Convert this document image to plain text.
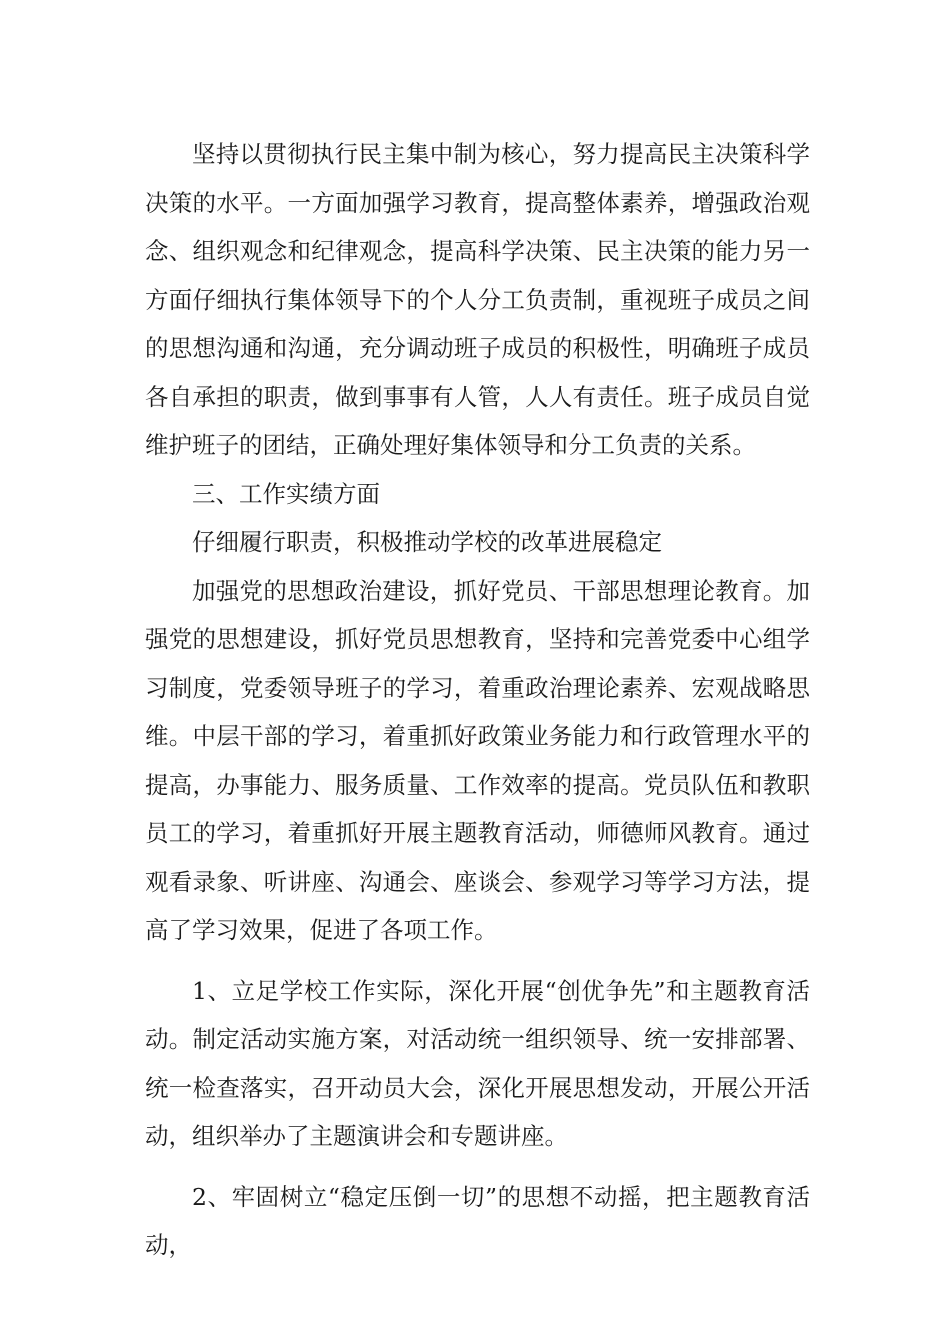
坚持以贯彻执行民主集中制为核心，努力提高民主决策科学决策的水平。一方面加强学习教育，提高整体素养，增强政治观念、组织观念和纪律观念，提高科学决策、民主决策的能力另一方面仔细执行集体领导下的个人分工负责制，重视班子成员之间的思想沟通和沟通，充分调动班子成员的积极性，明确班子成员各自承担的职责，做到事事有人管，人人有责任。班子成员自觉维护班子的团结，正确处理好集体领导和分工负责的关系。

三、工作实绩方面

仔细履行职责，积极推动学校的改革进展稳定

加强党的思想政治建设，抓好党员、干部思想理论教育。加强党的思想建设，抓好党员思想教育，坚持和完善党委中心组学习制度，党委领导班子的学习，着重政治理论素养、宏观战略思维。中层干部的学习，着重抓好政策业务能力和行政管理水平的提高，办事能力、服务质量、工作效率的提高。党员队伍和教职员工的学习，着重抓好开展主题教育活动，师德师风教育。通过观看录象、听讲座、沟通会、座谈会、参观学习等学习方法，提高了学习效果，促进了各项工作。

1、立足学校工作实际，深化开展“创优争先”和主题教育活动。制定活动实施方案，对活动统一组织领导、统一安排部署、统一检查落实，召开动员大会，深化开展思想发动，开展公开活动，组织举办了主题演讲会和专题讲座。

2、牢固树立“稳定压倒一切”的思想不动摇，把主题教育活动，
